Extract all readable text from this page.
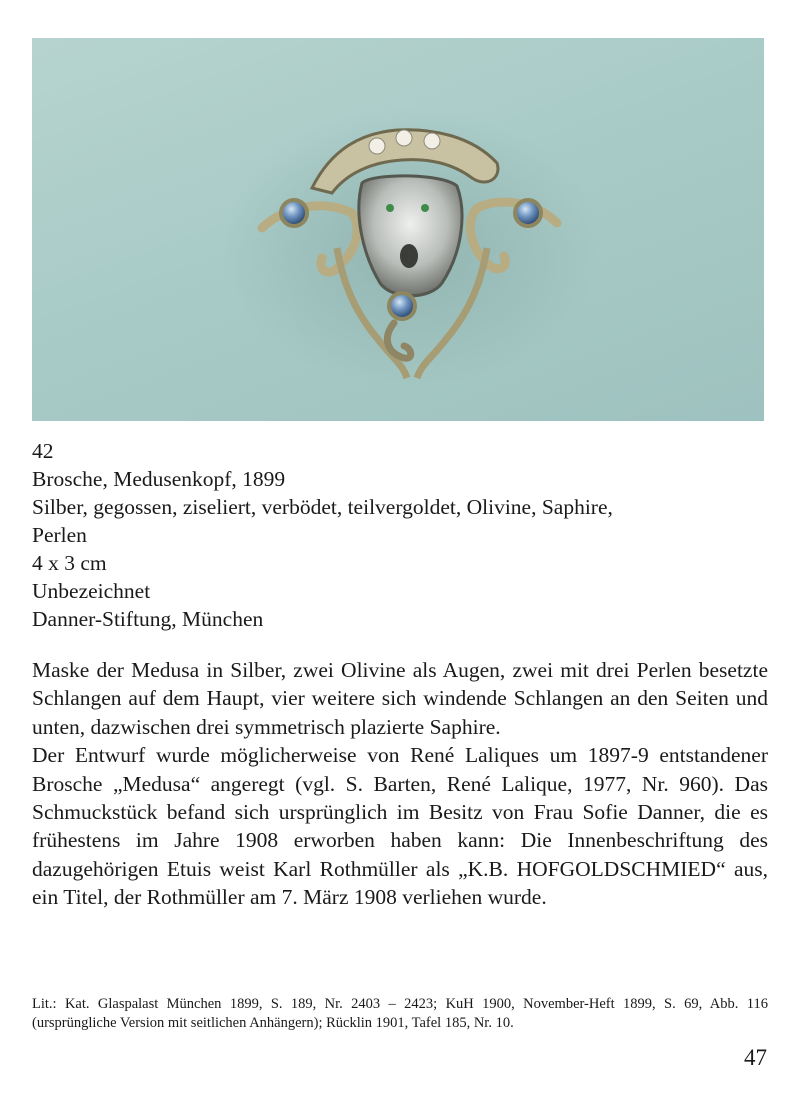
42
Brosche, Medusenkopf, 1899
Silber, gegossen, ziseliert, verbödet, teilvergoldet, Olivine, Saphire,
Perlen
4 x 3 cm
Unbezeichnet
Danner-Stiftung, München

Maske der Medusa in Silber, zwei Olivine als Augen, zwei mit drei Perlen besetzte Schlangen auf dem Haupt, vier weitere sich windende Schlangen an den Seiten und unten, dazwischen drei symmetrisch plazierte Saphire.

Der Entwurf wurde möglicherweise von René Laliques um 1897-9 entstandener Brosche „Medusa“ angeregt (vgl. S. Barten, René Lalique, 1977, Nr. 960). Das Schmuckstück befand sich ursprünglich im Besitz von Frau Sofie Danner, die es frühestens im Jahre 1908 erworben haben kann: Die Innenbeschriftung des dazugehörigen Etuis weist Karl Rothmüller als „K.B. HOFGOLDSCHMIED“ aus, ein Titel, der Rothmüller am 7. März 1908 verliehen wurde.

Lit.: Kat. Glaspalast München 1899, S. 189, Nr. 2403 – 2423; KuH 1900, November-Heft 1899, S. 69, Abb. 116 (ursprüngliche Version mit seitlichen Anhängern); Rücklin 1901, Tafel 185, Nr. 10.
47
